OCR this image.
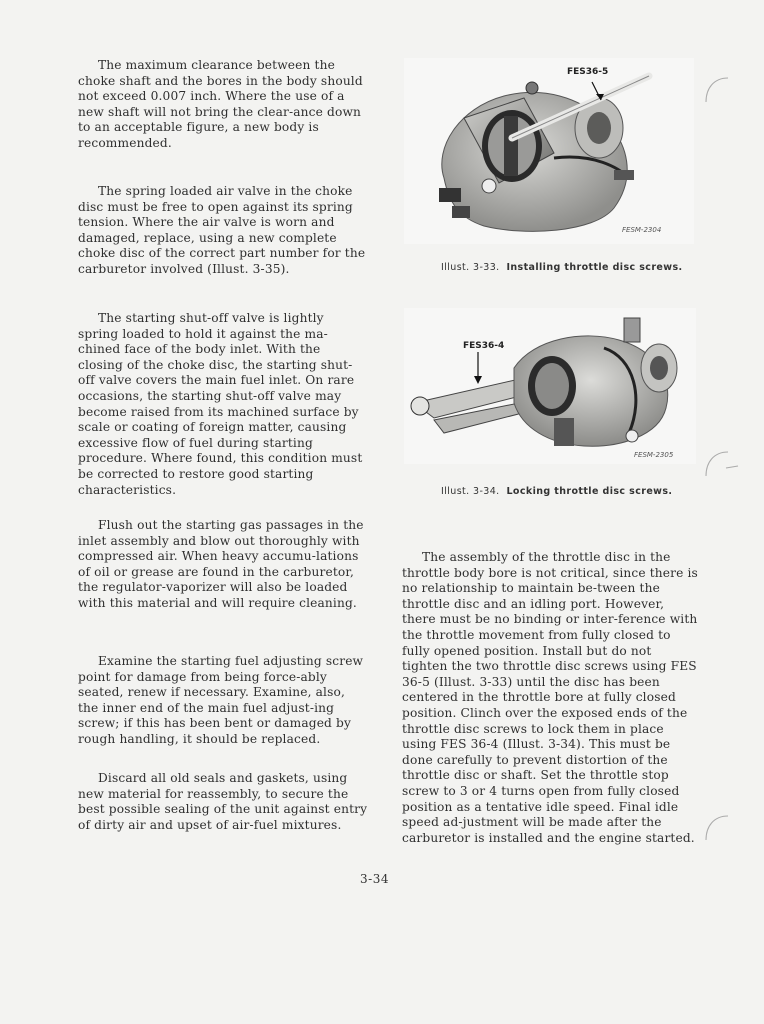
The maximum clearance between the choke shaft and the bores in the body should not exceed 0.007 inch. Where the use of a new shaft will not bring the clear-ance down to an acceptable figure, a new body is recommended.

The spring loaded air valve in the choke disc must be free to open against its spring tension. Where the air valve is worn and damaged, replace, using a new complete choke disc of the correct part number for the carburetor involved (Illust. 3-35).

The starting shut-off valve is lightly spring loaded to hold it against the ma-chined face of the body inlet. With the closing of the choke disc, the starting shut-off valve covers the main fuel inlet. On rare occasions, the starting shut-off valve may become raised from its machined surface by scale or coating of foreign matter, causing excessive flow of fuel during starting procedure. Where found, this condition must be corrected to restore good starting characteristics.

Flush out the starting gas passages in the inlet assembly and blow out thoroughly with compressed air. When heavy accumu-lations of oil or grease are found in the carburetor, the regulator-vaporizer will also be loaded with this material and will require cleaning.

Examine the starting fuel adjusting screw point for damage from being force-ably seated, renew if necessary. Examine, also, the inner end of the main fuel adjust-ing screw; if this has been bent or damaged by rough handling, it should be replaced.

Discard all old seals and gaskets, using new material for reassembly, to secure the best possible sealing of the unit against entry of dirty air and upset of air-fuel mixtures.

The assembly of the throttle disc in the throttle body bore is not critical, since there is no relationship to maintain be-tween the throttle disc and an idling port. However, there must be no binding or inter-ference with the throttle movement from fully closed to fully opened position. Install but do not tighten the two throttle disc screws using FES 36-5 (Illust. 3-33) until the disc has been centered in the throttle bore at fully closed position. Clinch over the exposed ends of the throttle disc screws to lock them in place using FES 36-4 (Illust. 3-34). This must be done carefully to prevent distortion of the throttle disc or shaft. Set the throttle stop screw to 3 or 4 turns open from fully closed position as a tentative idle speed. Final idle speed ad-justment will be made after the carburetor is installed and the engine started.

FES36-5
FESM-2304

Illust. 3-33. Installing throttle disc screws.

FES36-4
FESM-2305

Illust. 3-34. Locking throttle disc screws.

3-34
